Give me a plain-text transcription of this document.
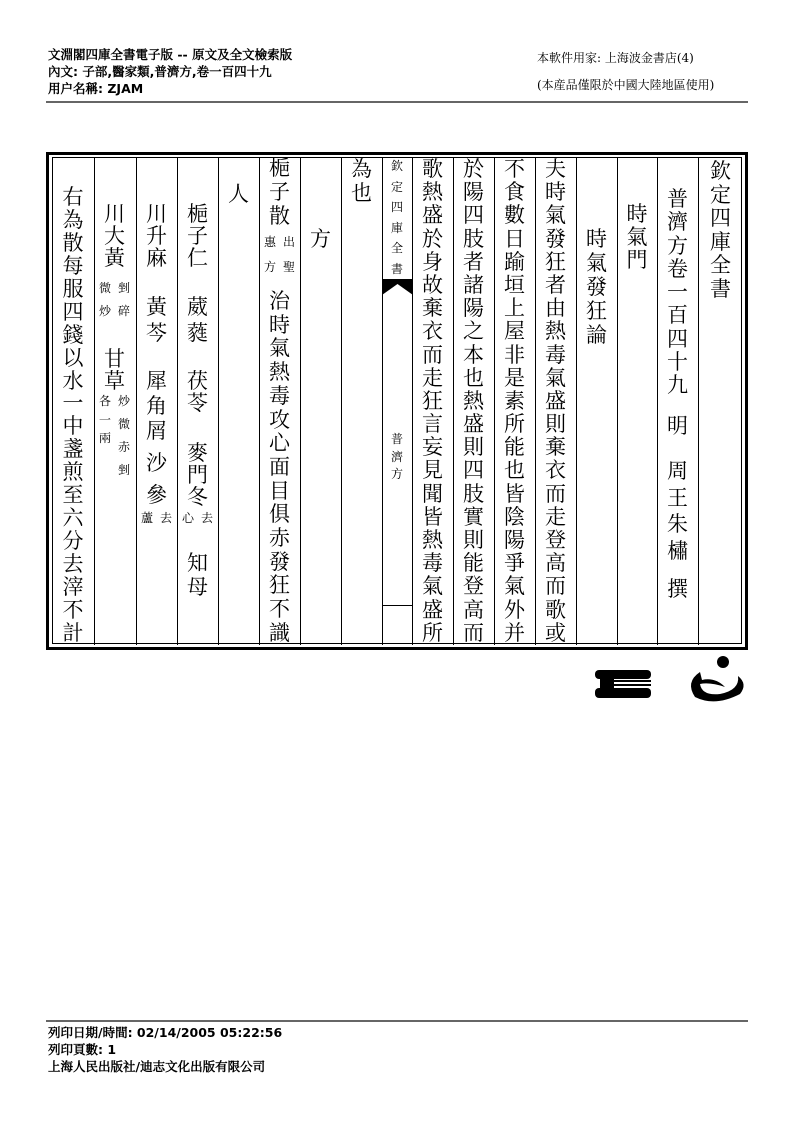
文淵閣四庫全書電子版 -- 原文及全文檢索版
內文: 子部,醫家類,普濟方,卷一百四十九
用户名稱: ZJAM
本軟件用家: 上海波金書店(4)
(本産品僅限於中國大陸地區使用)
欽
定
四
庫
全
書
普
濟
方
卷
一
百
四
十
九
明
周
王
朱
橚
撰
時
氣
門
時
氣
發
狂
論
夫
時
氣
發
狂
者
由
熱
毒
氣
盛
則
棄
衣
而
走
登
高
而
歌
或
不
食
數
日
踰
垣
上
屋
非
是
素
所
能
也
皆
陰
陽
爭
氣
外
并
於
陽
四
肢
者
諸
陽
之
本
也
熱
盛
則
四
肢
實
則
能
登
高
而
歌
熱
盛
於
身
故
棄
衣
而
走
狂
言
妄
見
聞
皆
熱
毒
氣
盛
所
欽
定
四
庫
全
書
普
濟
方
為
也
方
梔
子
散
出
聖
惠
方
治
時
氣
熱
毒
攻
心
面
目
俱
赤
發
狂
不
識
人
梔
子
仁
葳
蕤
茯
苓
麥
門
冬
去
心
知
母
川
升
麻
黃
芩
犀
角
屑
沙
參
去
蘆
川
大
黃
剉
碎
微
炒
甘
草
炒
微
赤
剉
各
一
兩
右
為
散
每
服
四
錢
以
水
一
中
盞
煎
至
六
分
去
滓
不
計
列印日期/時間: 02/14/2005 05:22:56
列印頁數: 1
上海人民出版社/迪志文化出版有限公司
